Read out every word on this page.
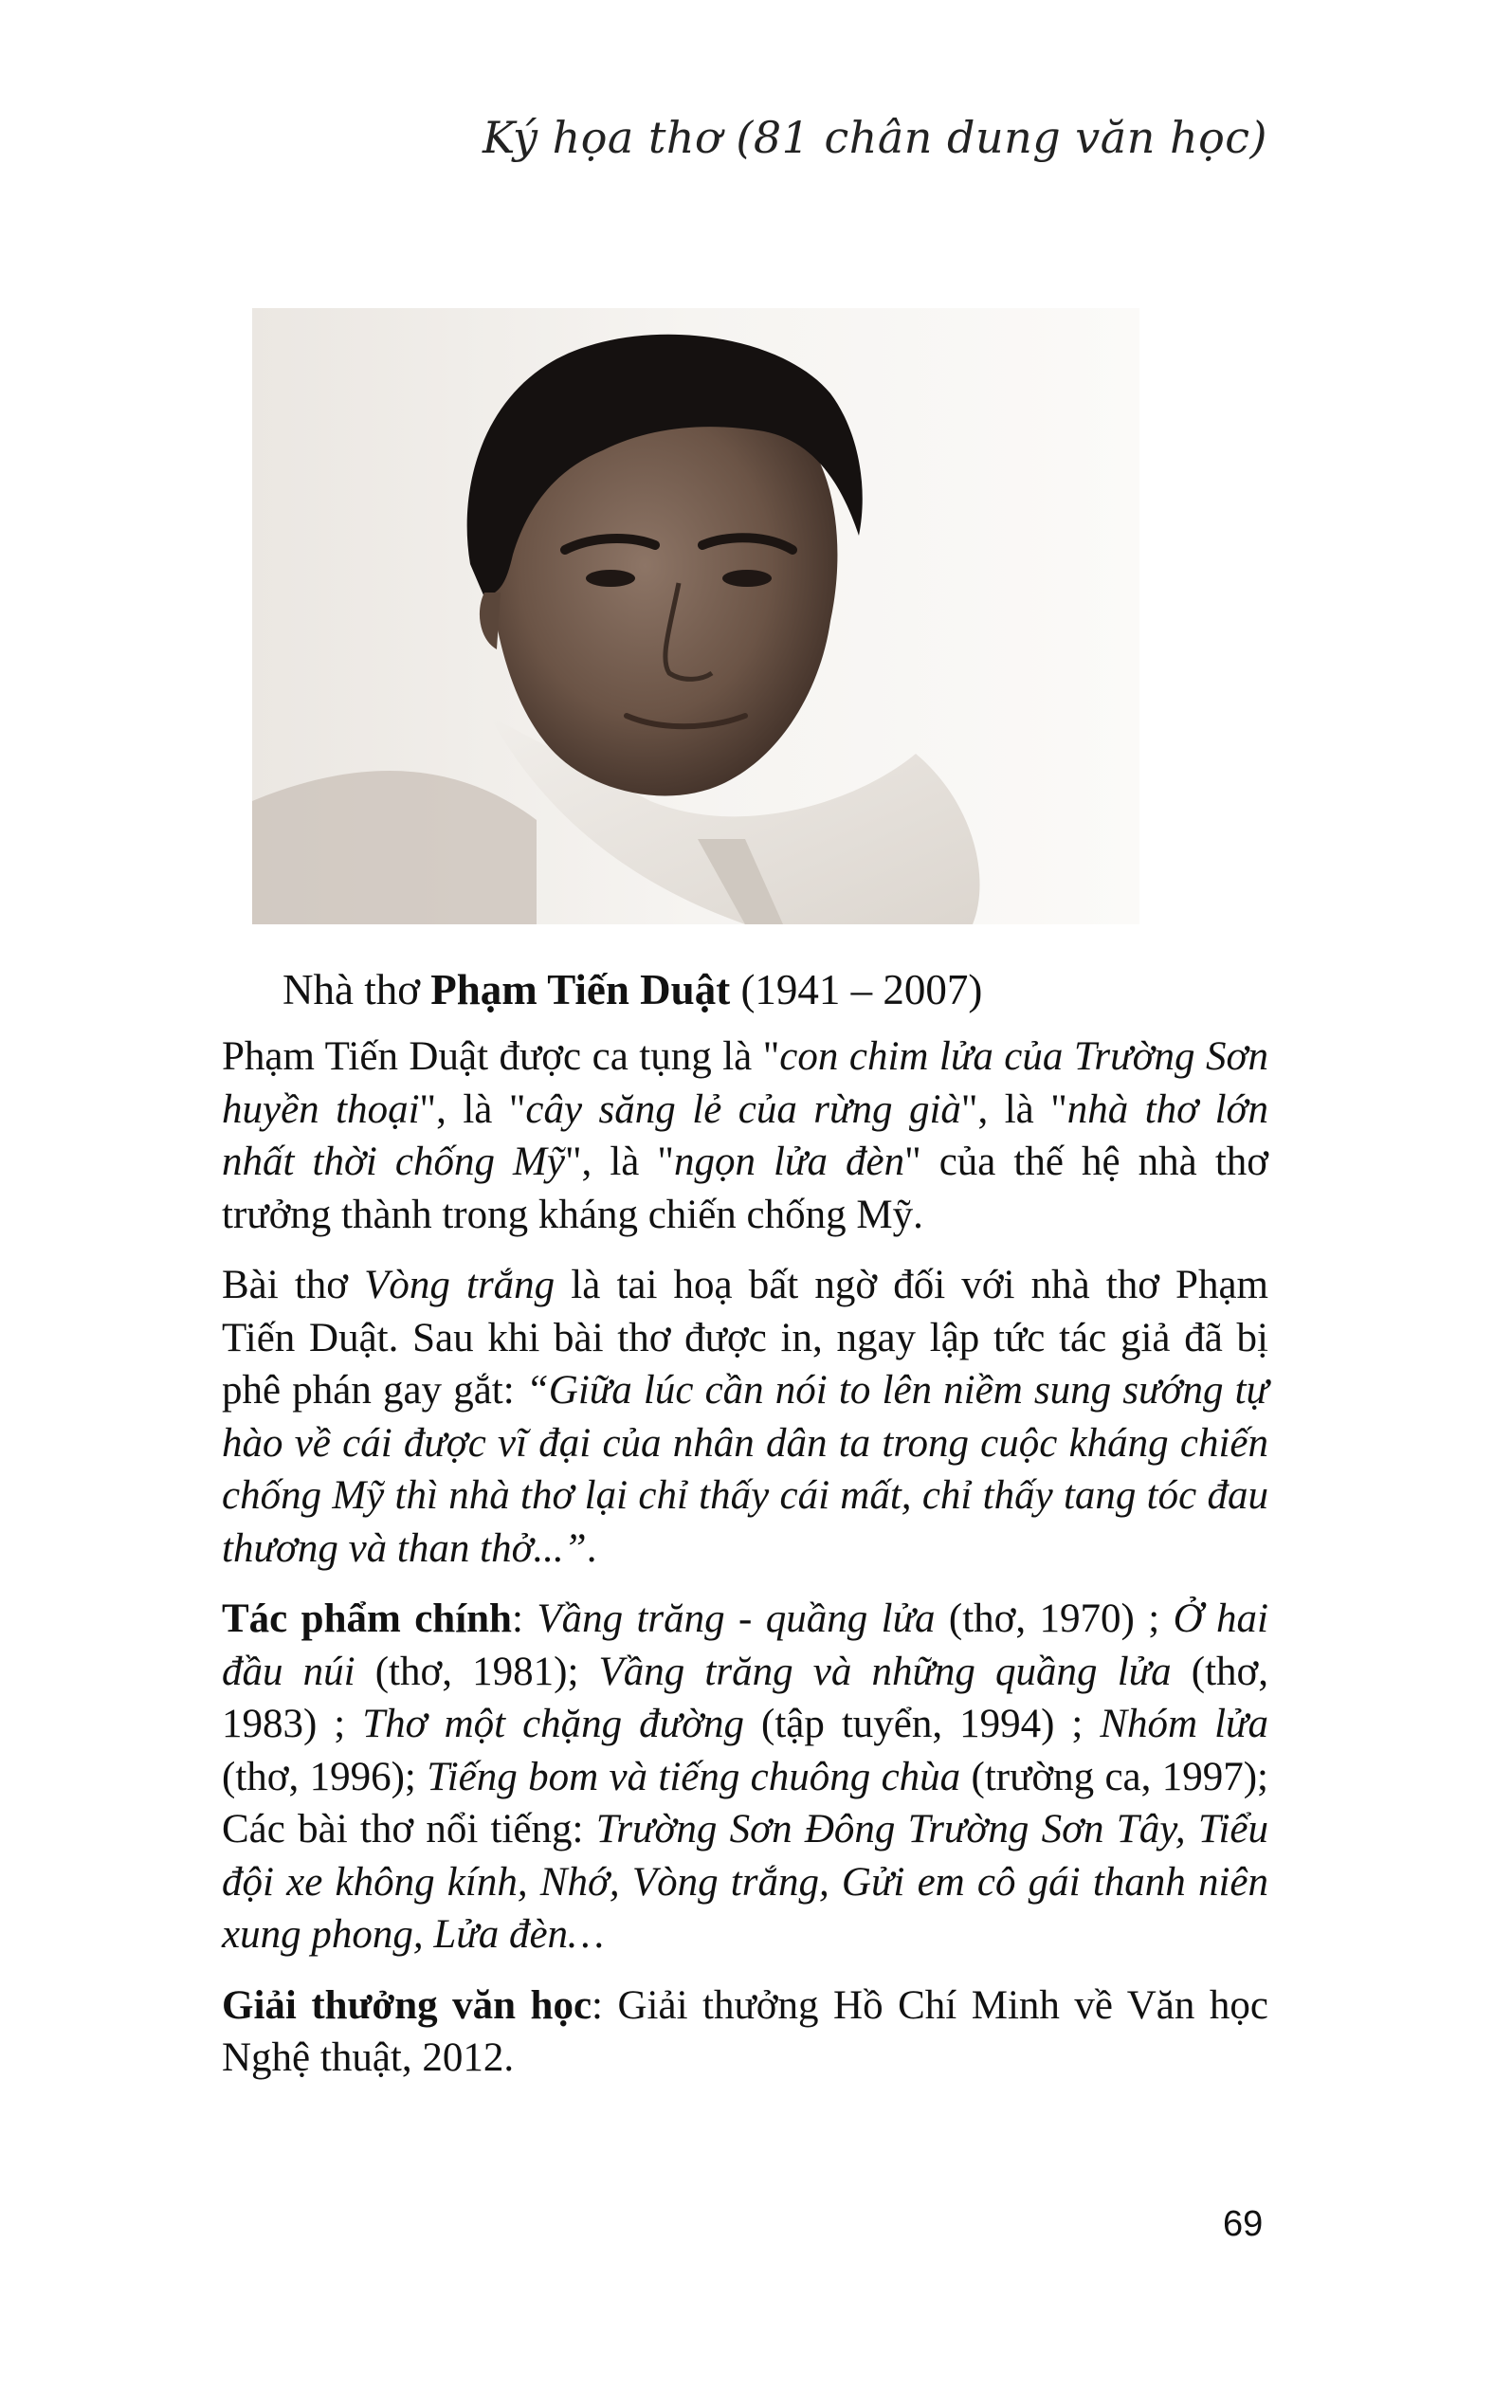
Ký họa thơ (81 chân dung văn học)
Nhà thơ Phạm Tiến Duật (1941 – 2007)

Phạm Tiến Duật được ca tụng là "con chim lửa của Trường Sơn huyền thoại", là "cây săng lẻ của rừng già", là "nhà thơ lớn nhất thời chống Mỹ", là "ngọn lửa đèn" của thế hệ nhà thơ trưởng thành trong kháng chiến chống Mỹ.

Bài thơ Vòng trắng là tai hoạ bất ngờ đối với nhà thơ Phạm Tiến Duật. Sau khi bài thơ được in, ngay lập tức tác giả đã bị phê phán gay gắt: “Giữa lúc cần nói to lên niềm sung sướng tự hào về cái được vĩ đại của nhân dân ta trong cuộc kháng chiến chống Mỹ thì nhà thơ lại chỉ thấy cái mất, chỉ thấy tang tóc đau thương và than thở...”.

Tác phẩm chính: Vầng trăng - quầng lửa (thơ, 1970) ; Ở hai đầu núi (thơ, 1981); Vầng trăng và những quầng lửa (thơ, 1983) ; Thơ một chặng đường (tập tuyển, 1994) ; Nhóm lửa (thơ, 1996); Tiếng bom và tiếng chuông chùa (trường ca, 1997); Các bài thơ nổi tiếng: Trường Sơn Đông Trường Sơn Tây, Tiểu đội xe không kính, Nhớ, Vòng trắng, Gửi em cô gái thanh niên xung phong, Lửa đèn…

Giải thưởng văn học: Giải thưởng Hồ Chí Minh về Văn học Nghệ thuật, 2012.

69
